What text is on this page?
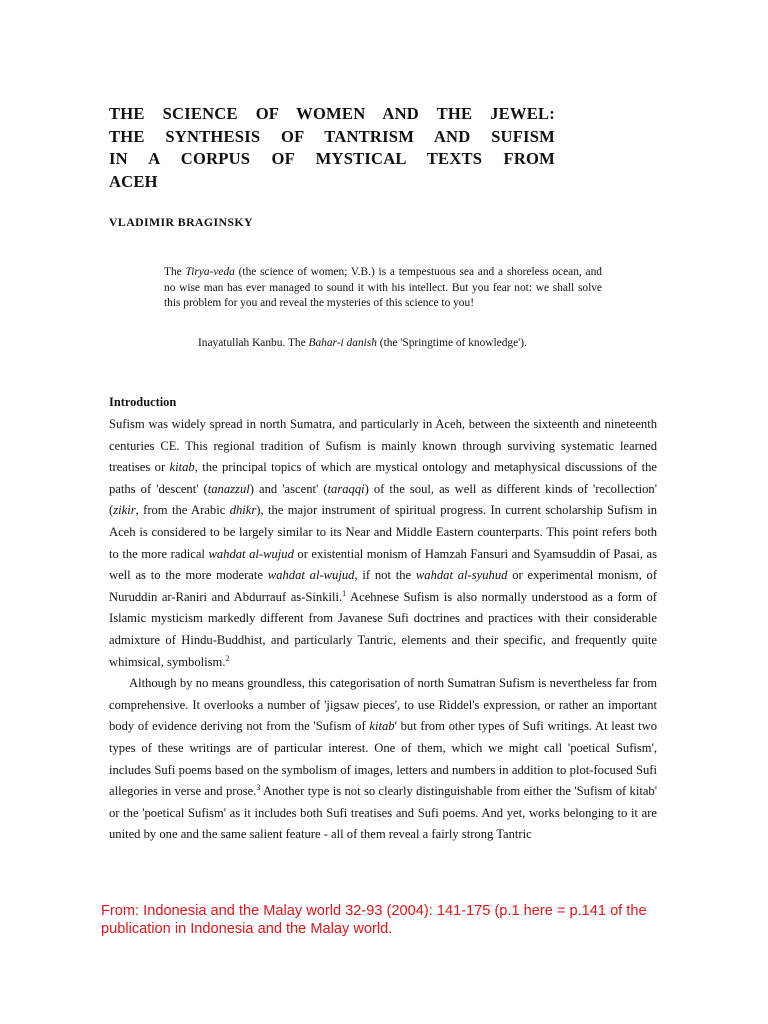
THE SCIENCE OF WOMEN AND THE JEWEL:
THE SYNTHESIS OF TANTRISM AND SUFISM
IN A CORPUS OF MYSTICAL TEXTS FROM
ACEH
VLADIMIR BRAGINSKY

The Tirya-veda (the science of women; V.B.) is a tempestuous sea and a shoreless ocean, and no wise man has ever managed to sound it with his intellect. But you fear not: we shall solve this problem for you and reveal the mysteries of this science to you!

Inayatullah Kanbu. The Bahar-i danish (the 'Springtime of knowledge').
Introduction

Sufism was widely spread in north Sumatra, and particularly in Aceh, between the sixteenth and nineteenth centuries CE. This regional tradition of Sufism is mainly known through surviving systematic learned treatises or kitab, the principal topics of which are mystical ontology and metaphysical discussions of the paths of 'descent' (tanazzul) and 'ascent' (taraqqi) of the soul, as well as different kinds of 'recollection' (zikir, from the Arabic dhikr), the major instrument of spiritual progress. In current scholarship Sufism in Aceh is considered to be largely similar to its Near and Middle Eastern counterparts. This point refers both to the more radical wahdat al-wujud or existential monism of Hamzah Fansuri and Syamsuddin of Pasai, as well as to the more moderate wahdat al-wujud, if not the wahdat al-syuhud or experimental monism, of Nuruddin ar-Raniri and Abdurrauf as-Sinkili.$^1$ Acehnese Sufism is also normally understood as a form of Islamic mysticism markedly different from Javanese Sufi doctrines and practices with their considerable admixture of Hindu-Buddhist, and particularly Tantric, elements and their specific, and frequently quite whimsical, symbolism.$^2$

Although by no means groundless, this categorisation of north Sumatran Sufism is nevertheless far from comprehensive. It overlooks a number of 'jigsaw pieces', to use Riddel's expression, or rather an important body of evidence deriving not from the 'Sufism of kitab' but from other types of Sufi writings. At least two types of these writings are of particular interest. One of them, which we might call 'poetical Sufism', includes Sufi poems based on the symbolism of images, letters and numbers in addition to plot-focused Sufi allegories in verse and prose.$^3$ Another type is not so clearly distinguishable from either the 'Sufism of kitab' or the 'poetical Sufism' as it includes both Sufi treatises and Sufi poems. And yet, works belonging to it are united by one and the same salient feature - all of them reveal a fairly strong Tantric

From: Indonesia and the Malay world 32-93 (2004): 141-175 (p.1 here = p.141 of the publication in Indonesia and the Malay world.
